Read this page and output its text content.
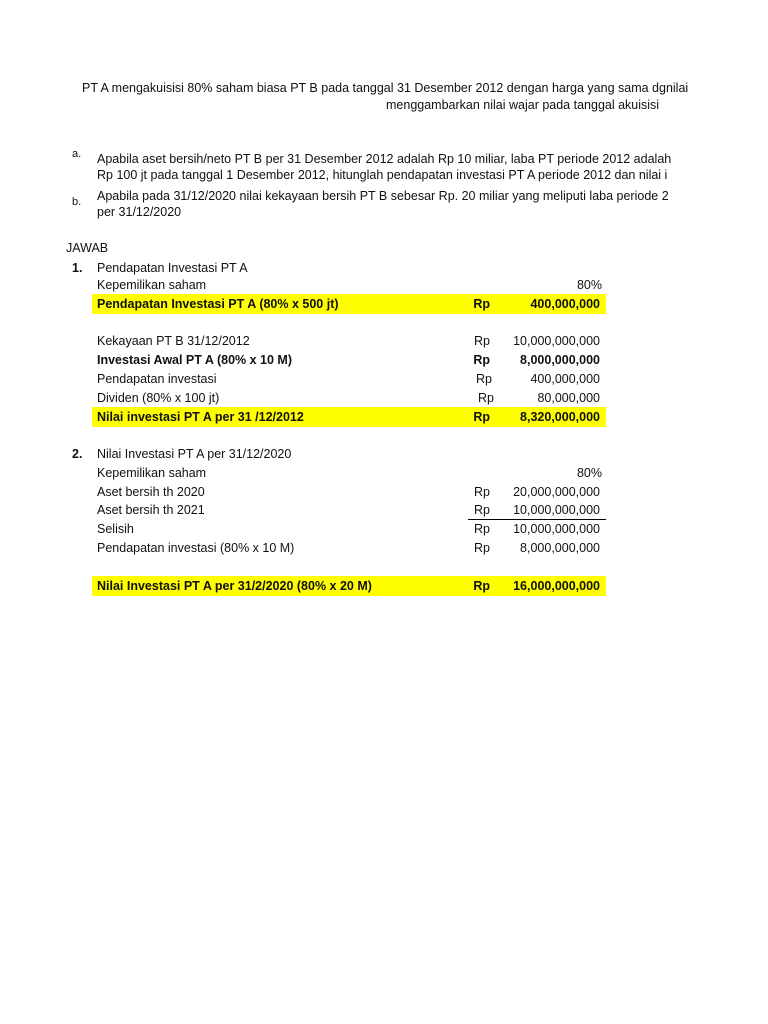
PT A mengakuisisi 80% saham biasa PT B pada tanggal 31 Desember 2012 dengan harga yang sama dgnilai
menggambarkan nilai wajar pada tanggal akuisisi
a. Apabila aset bersih/neto PT B per 31 Desember 2012 adalah Rp 10 miliar, laba PT periode 2012 adalah
Rp 100 jt pada tanggal 1 Desember 2012, hitunglah pendapatan investasi PT A periode 2012 dan nilai i
b. Apabila pada 31/12/2020 nilai kekayaan bersih PT B sebesar Rp. 20 miliar yang meliputi laba periode 2
per 31/12/2020
JAWAB
1. Pendapatan Investasi PT A
Kepemilikan saham	80%
Pendapatan Investasi PT A (80% x 500 jt)	Rp	400,000,000
Kekayaan PT B 31/12/2012	Rp	10,000,000,000
Investasi Awal PT A (80% x 10 M)	Rp	8,000,000,000
Pendapatan investasi	Rp	400,000,000
Dividen (80% x 100 jt)	Rp	80,000,000
Nilai investasi PT A per 31 /12/2012	Rp	8,320,000,000
2. Nilai Investasi PT A per 31/12/2020
Kepemilikan saham	80%
Aset bersih th 2020	Rp	20,000,000,000
Aset bersih th 2021	Rp	10,000,000,000
Selisih	Rp	10,000,000,000
Pendapatan investasi (80% x 10 M)	Rp	8,000,000,000
Nilai Investasi PT A per 31/2/2020 (80% x 20 M)	Rp	16,000,000,000
